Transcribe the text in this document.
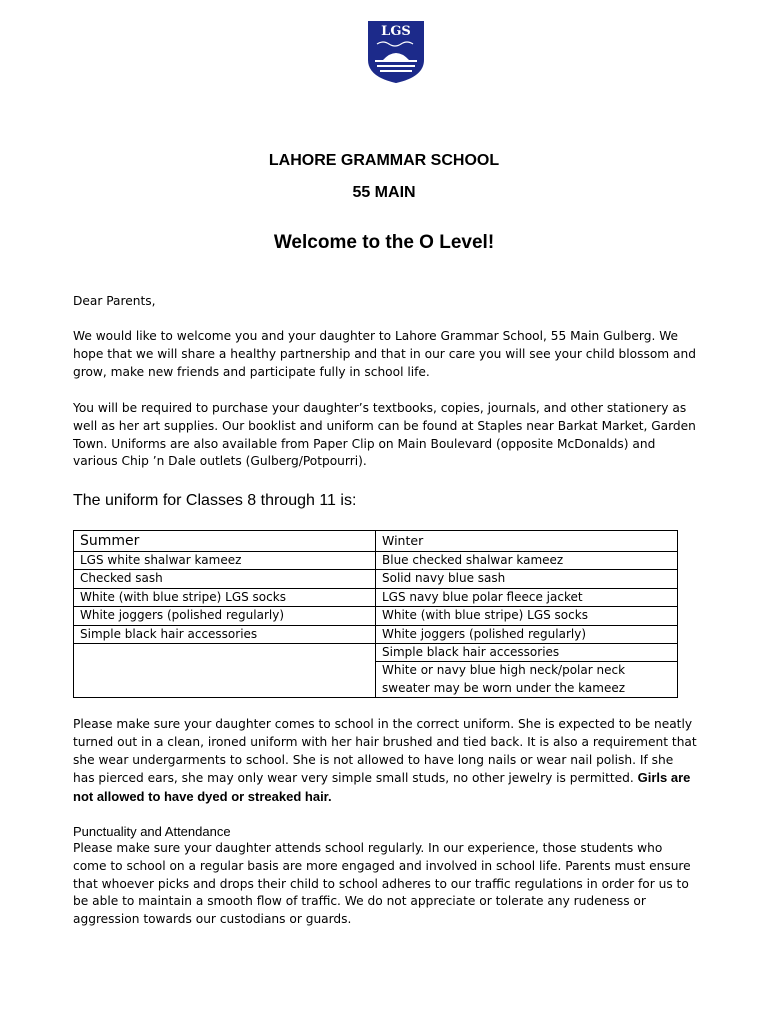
LGS
LAHORE GRAMMAR SCHOOL
55 MAIN
Welcome to the O Level!
Dear Parents,
We would like to welcome you and your daughter to Lahore Grammar School, 55 Main Gulberg. We hope that we will share a healthy partnership and that in our care you will see your child blossom and grow, make new friends and participate fully in school life.
You will be required to purchase your daughter’s textbooks, copies, journals, and other stationery as well as her art supplies. Our booklist and uniform can be found at Staples near Barkat Market, Garden Town. Uniforms are also available from Paper Clip on Main Boulevard (opposite McDonalds) and various Chip ’n Dale outlets (Gulberg/Potpourri).
The uniform for Classes 8 through 11 is:
Summer	Winter
LGS white shalwar kameez	Blue checked shalwar kameez
Checked sash	Solid navy blue sash
White (with blue stripe) LGS socks	LGS navy blue polar fleece jacket
White joggers (polished regularly)	White (with blue stripe) LGS socks
Simple black hair accessories	White joggers (polished regularly)
	Simple black hair accessories
	White or navy blue high neck/polar neck sweater may be worn under the kameez
Please make sure your daughter comes to school in the correct uniform. She is expected to be neatly turned out in a clean, ironed uniform with her hair brushed and tied back. It is also a requirement that she wear undergarments to school. She is not allowed to have long nails or wear nail polish. If she has pierced ears, she may only wear very simple small studs, no other jewelry is permitted. Girls are not allowed to have dyed or streaked hair.
Punctuality and Attendance
Please make sure your daughter attends school regularly. In our experience, those students who come to school on a regular basis are more engaged and involved in school life. Parents must ensure that whoever picks and drops their child to school adheres to our traffic regulations in order for us to be able to maintain a smooth flow of traffic. We do not appreciate or tolerate any rudeness or aggression towards our custodians or guards.
